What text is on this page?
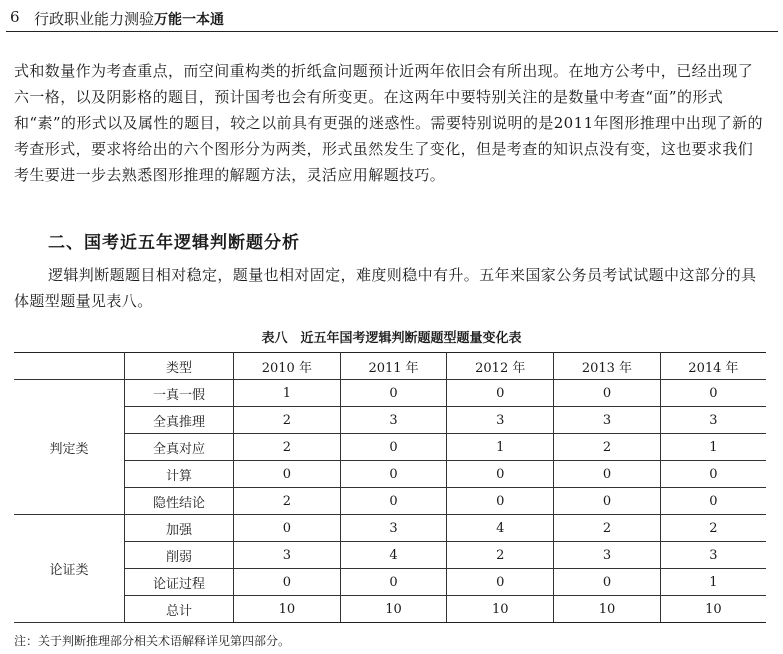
6 行政职业能力测验万能一本通
式和数量作为考查重点，而空间重构类的折纸盒问题预计近两年依旧会有所出现。在地方公考中，已经出现了六一格，以及阴影格的题目，预计国考也会有所变更。在这两年中要特别关注的是数量中考查“面”的形式和“素”的形式以及属性的题目，较之以前具有更强的迷惑性。需要特别说明的是2011年图形推理中出现了新的考查形式，要求将给出的六个图形分为两类，形式虽然发生了变化，但是考查的知识点没有变，这也要求我们考生要进一步去熟悉图形推理的解题方法，灵活应用解题技巧。
二、国考近五年逻辑判断题分析
逻辑判断题题目相对稳定，题量也相对固定，难度则稳中有升。五年来国家公务员考试试题中这部分的具体题型题量见表八。
表八　近五年国考逻辑判断题题型题量变化表
	类型	2010 年	2011 年	2012 年	2013 年	2014 年
判定类	一真一假	1	0	0	0	0
	全真推理	2	3	3	3	3
	全真对应	2	0	1	2	1
	计算	0	0	0	0	0
	隐性结论	2	0	0	0	0
论证类	加强	0	3	4	2	2
	削弱	3	4	2	3	3
	论证过程	0	0	0	0	1
	总计	10	10	10	10	10
注：关于判断推理部分相关术语解释详见第四部分。
